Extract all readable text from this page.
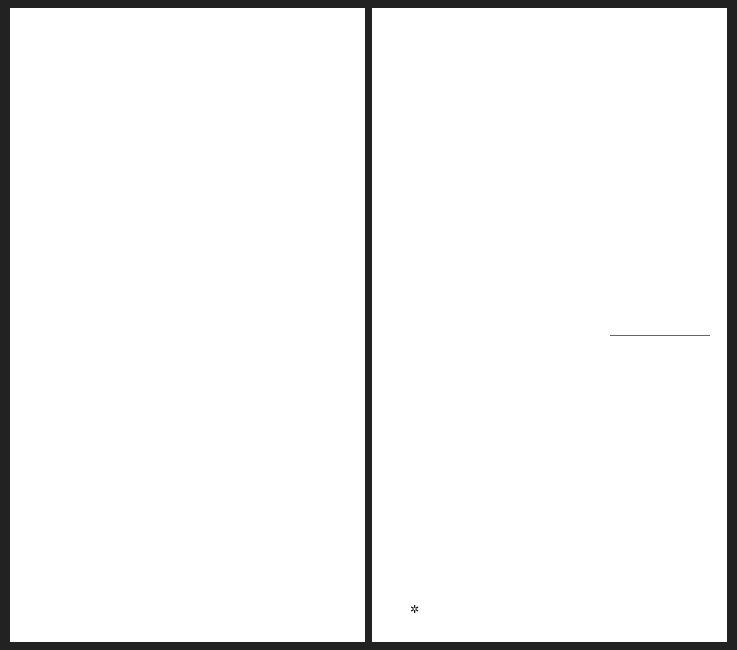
✲
